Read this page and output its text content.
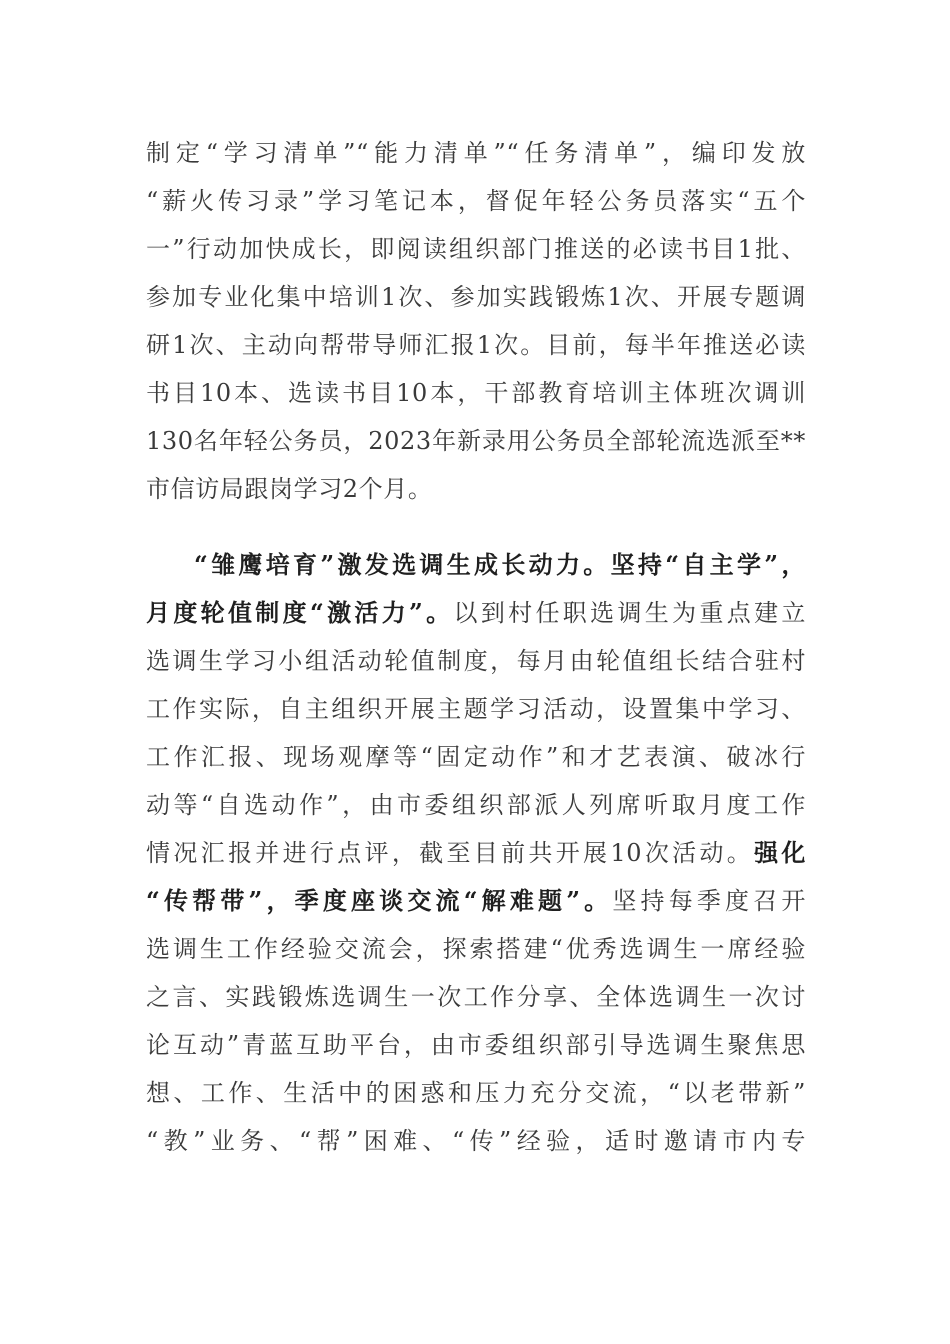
制定“学习清单”“能力清单”“任务清单”，编印发放

“薪火传习录”学习笔记本，督促年轻公务员落实“五个

一”行动加快成长，即阅读组织部门推送的必读书目1批、

参加专业化集中培训1次、参加实践锻炼1次、开展专题调

研1次、主动向帮带导师汇报1次。目前，每半年推送必读

书目10本、选读书目10本，干部教育培训主体班次调训

130名年轻公务员，2023年新录用公务员全部轮流选派至**

市信访局跟岗学习2个月。

“雏鹰培育”激发选调生成长动力。坚持“自主学”，

月度轮值制度“激活力”。以到村任职选调生为重点建立

选调生学习小组活动轮值制度，每月由轮值组长结合驻村

工作实际，自主组织开展主题学习活动，设置集中学习、

工作汇报、现场观摩等“固定动作”和才艺表演、破冰行

动等“自选动作”，由市委组织部派人列席听取月度工作

情况汇报并进行点评，截至目前共开展10次活动。强化

“传帮带”，季度座谈交流“解难题”。坚持每季度召开

选调生工作经验交流会，探索搭建“优秀选调生一席经验

之言、实践锻炼选调生一次工作分享、全体选调生一次讨

论互动”青蓝互助平台，由市委组织部引导选调生聚焦思

想、工作、生活中的困惑和压力充分交流，“以老带新”

“教”业务、“帮”困难、“传”经验，适时邀请市内专
